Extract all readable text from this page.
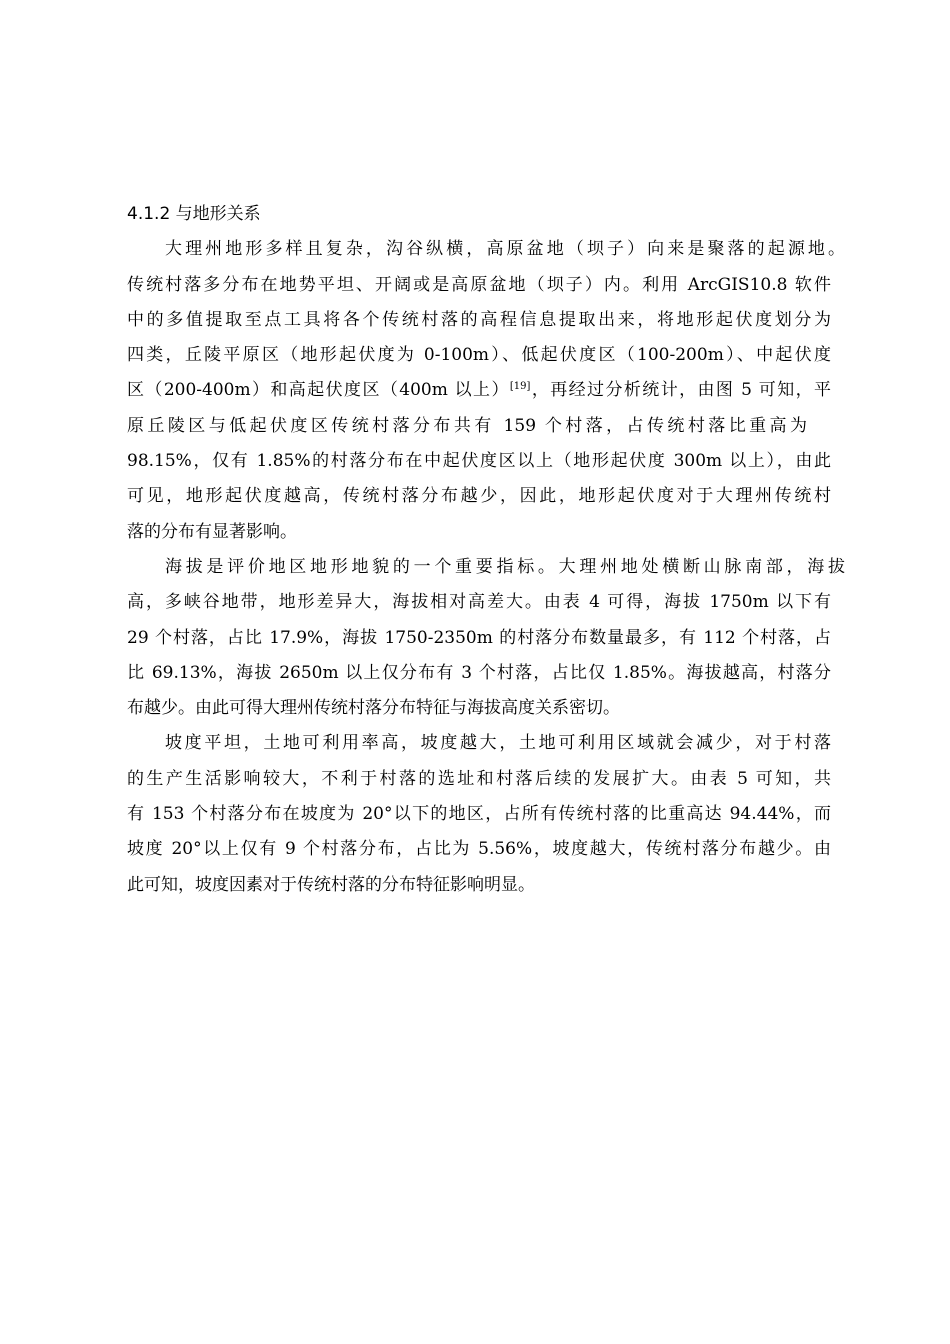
4.1.2 与地形关系
大理州地形多样且复杂，沟谷纵横，高原盆地（坝子）向来是聚落的起源地。
传统村落多分布在地势平坦、开阔或是高原盆地（坝子）内。利用 ArcGIS10.8 软件
中的多值提取至点工具将各个传统村落的高程信息提取出来，将地形起伏度划分为
四类，丘陵平原区（地形起伏度为 0-100m）、低起伏度区（100-200m）、中起伏度
区（200-400m）和高起伏度区（400m 以上）[19]，再经过分析统计，由图 5 可知，平
原丘陵区与低起伏度区传统村落分布共有 159 个村落，占传统村落比重高为
98.15%，仅有 1.85%的村落分布在中起伏度区以上（地形起伏度 300m 以上），由此
可见，地形起伏度越高，传统村落分布越少，因此，地形起伏度对于大理州传统村
落的分布有显著影响。
海拔是评价地区地形地貌的一个重要指标。大理州地处横断山脉南部，海拔
高，多峡谷地带，地形差异大，海拔相对高差大。由表 4 可得，海拔 1750m 以下有
29 个村落，占比 17.9%，海拔 1750-2350m 的村落分布数量最多，有 112 个村落，占
比 69.13%，海拔 2650m 以上仅分布有 3 个村落，占比仅 1.85%。海拔越高，村落分
布越少。由此可得大理州传统村落分布特征与海拔高度关系密切。
坡度平坦，土地可利用率高，坡度越大，土地可利用区域就会减少，对于村落
的生产生活影响较大，不利于村落的选址和村落后续的发展扩大。由表 5 可知，共
有 153 个村落分布在坡度为 20°以下的地区，占所有传统村落的比重高达 94.44%，而
坡度 20°以上仅有 9 个村落分布，占比为 5.56%，坡度越大，传统村落分布越少。由
此可知，坡度因素对于传统村落的分布特征影响明显。
